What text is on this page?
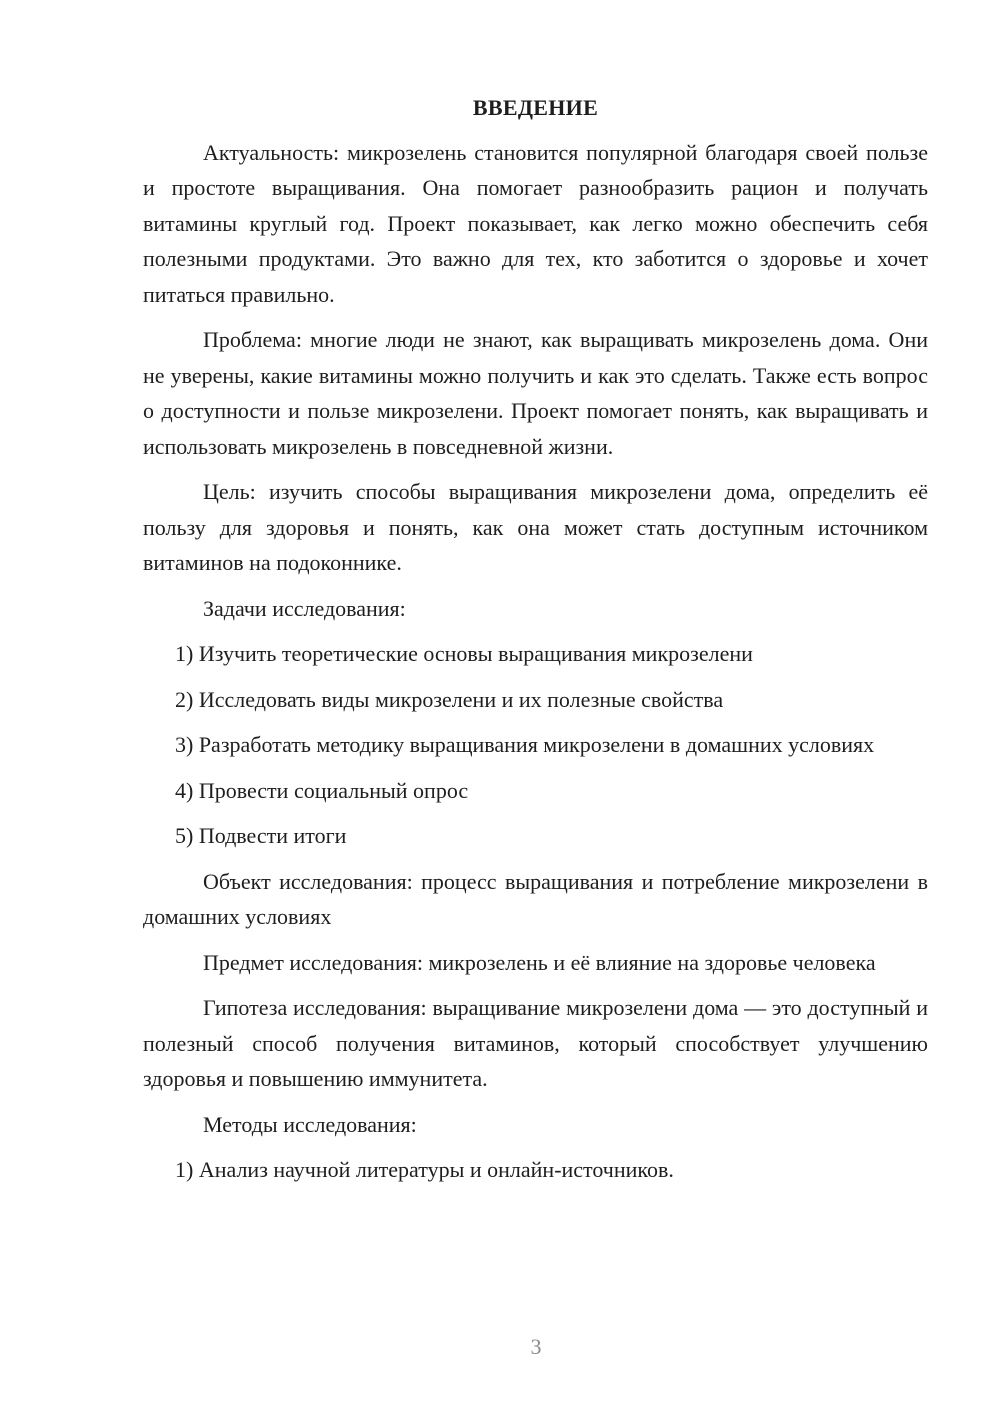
ВВЕДЕНИЕ

Актуальность: микрозелень становится популярной благодаря своей пользе и простоте выращивания. Она помогает разнообразить рацион и получать витамины круглый год. Проект показывает, как легко можно обеспечить себя полезными продуктами. Это важно для тех, кто заботится о здоровье и хочет питаться правильно.

Проблема: многие люди не знают, как выращивать микрозелень дома. Они не уверены, какие витамины можно получить и как это сделать. Также есть вопрос о доступности и пользе микрозелени. Проект помогает понять, как выращивать и использовать микрозелень в повседневной жизни.

Цель: изучить способы выращивания микрозелени дома, определить её пользу для здоровья и понять, как она может стать доступным источником витаминов на подоконнике.

Задачи исследования:

1) Изучить теоретические основы выращивания микрозелени

2) Исследовать виды микрозелени и их полезные свойства

3) Разработать методику выращивания микрозелени в домашних условиях

4) Провести социальный опрос

5) Подвести итоги

Объект исследования: процесс выращивания и потребление микрозелени в домашних условиях

Предмет исследования: микрозелень и её влияние на здоровье человека

Гипотеза исследования: выращивание микрозелени дома — это доступный и полезный способ получения витаминов, который способствует улучшению здоровья и повышению иммунитета.

Методы исследования:

1) Анализ научной литературы и онлайн-источников.

3
